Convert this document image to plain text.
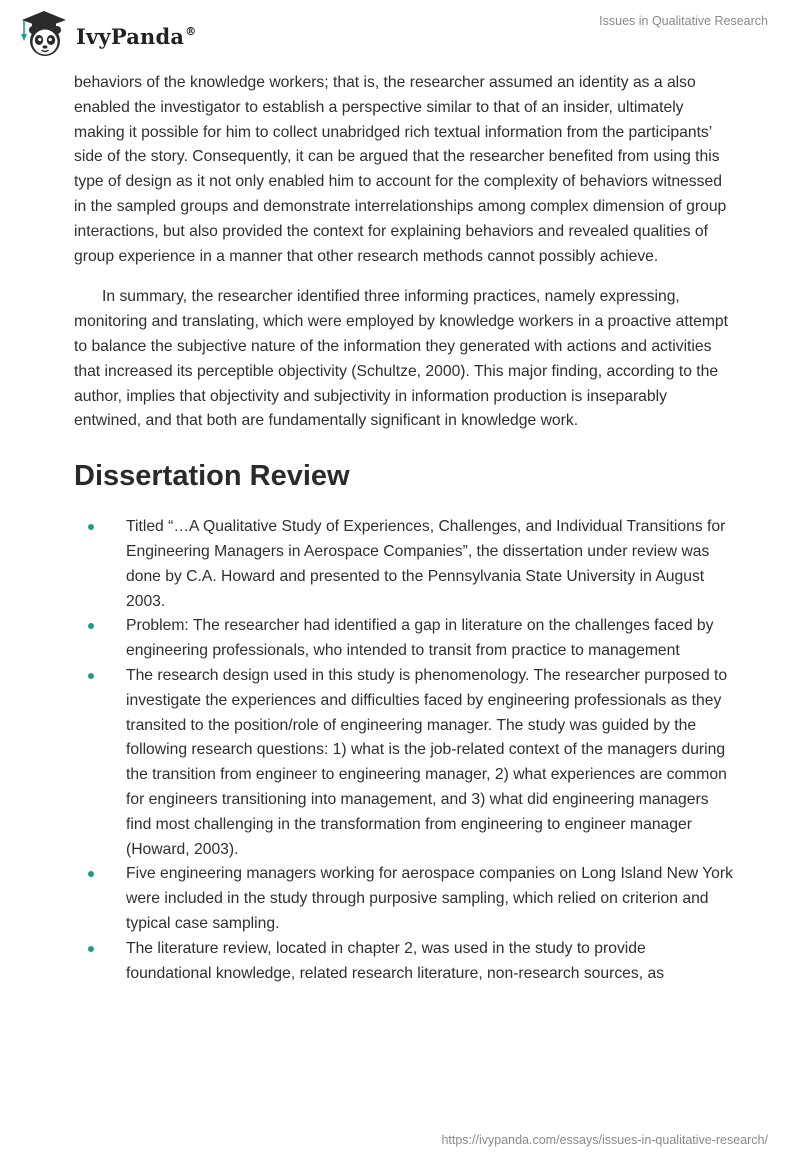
IvyPanda®
Issues in Qualitative Research

behaviors of the knowledge workers; that is, the researcher assumed an identity as a also enabled the investigator to establish a perspective similar to that of an insider, ultimately making it possible for him to collect unabridged rich textual information from the participants’ side of the story. Consequently, it can be argued that the researcher benefited from using this type of design as it not only enabled him to account for the complexity of behaviors witnessed in the sampled groups and demonstrate interrelationships among complex dimension of group interactions, but also provided the context for explaining behaviors and revealed qualities of group experience in a manner that other research methods cannot possibly achieve.

In summary, the researcher identified three informing practices, namely expressing, monitoring and translating, which were employed by knowledge workers in a proactive attempt to balance the subjective nature of the information they generated with actions and activities that increased its perceptible objectivity (Schultze, 2000). This major finding, according to the author, implies that objectivity and subjectivity in information production is inseparably entwined, and that both are fundamentally significant in knowledge work.

Dissertation Review
Titled “…A Qualitative Study of Experiences, Challenges, and Individual Transitions for Engineering Managers in Aerospace Companies”, the dissertation under review was done by C.A. Howard and presented to the Pennsylvania State University in August 2003.
Problem: The researcher had identified a gap in literature on the challenges faced by engineering professionals, who intended to transit from practice to management
The research design used in this study is phenomenology. The researcher purposed to investigate the experiences and difficulties faced by engineering professionals as they transited to the position/role of engineering manager. The study was guided by the following research questions: 1) what is the job-related context of the managers during the transition from engineer to engineering manager, 2) what experiences are common for engineers transitioning into management, and 3) what did engineering managers find most challenging in the transformation from engineering to engineer manager (Howard, 2003).
Five engineering managers working for aerospace companies on Long Island New York were included in the study through purposive sampling, which relied on criterion and typical case sampling.
The literature review, located in chapter 2, was used in the study to provide foundational knowledge, related research literature, non-research sources, as
https://ivypanda.com/essays/issues-in-qualitative-research/
